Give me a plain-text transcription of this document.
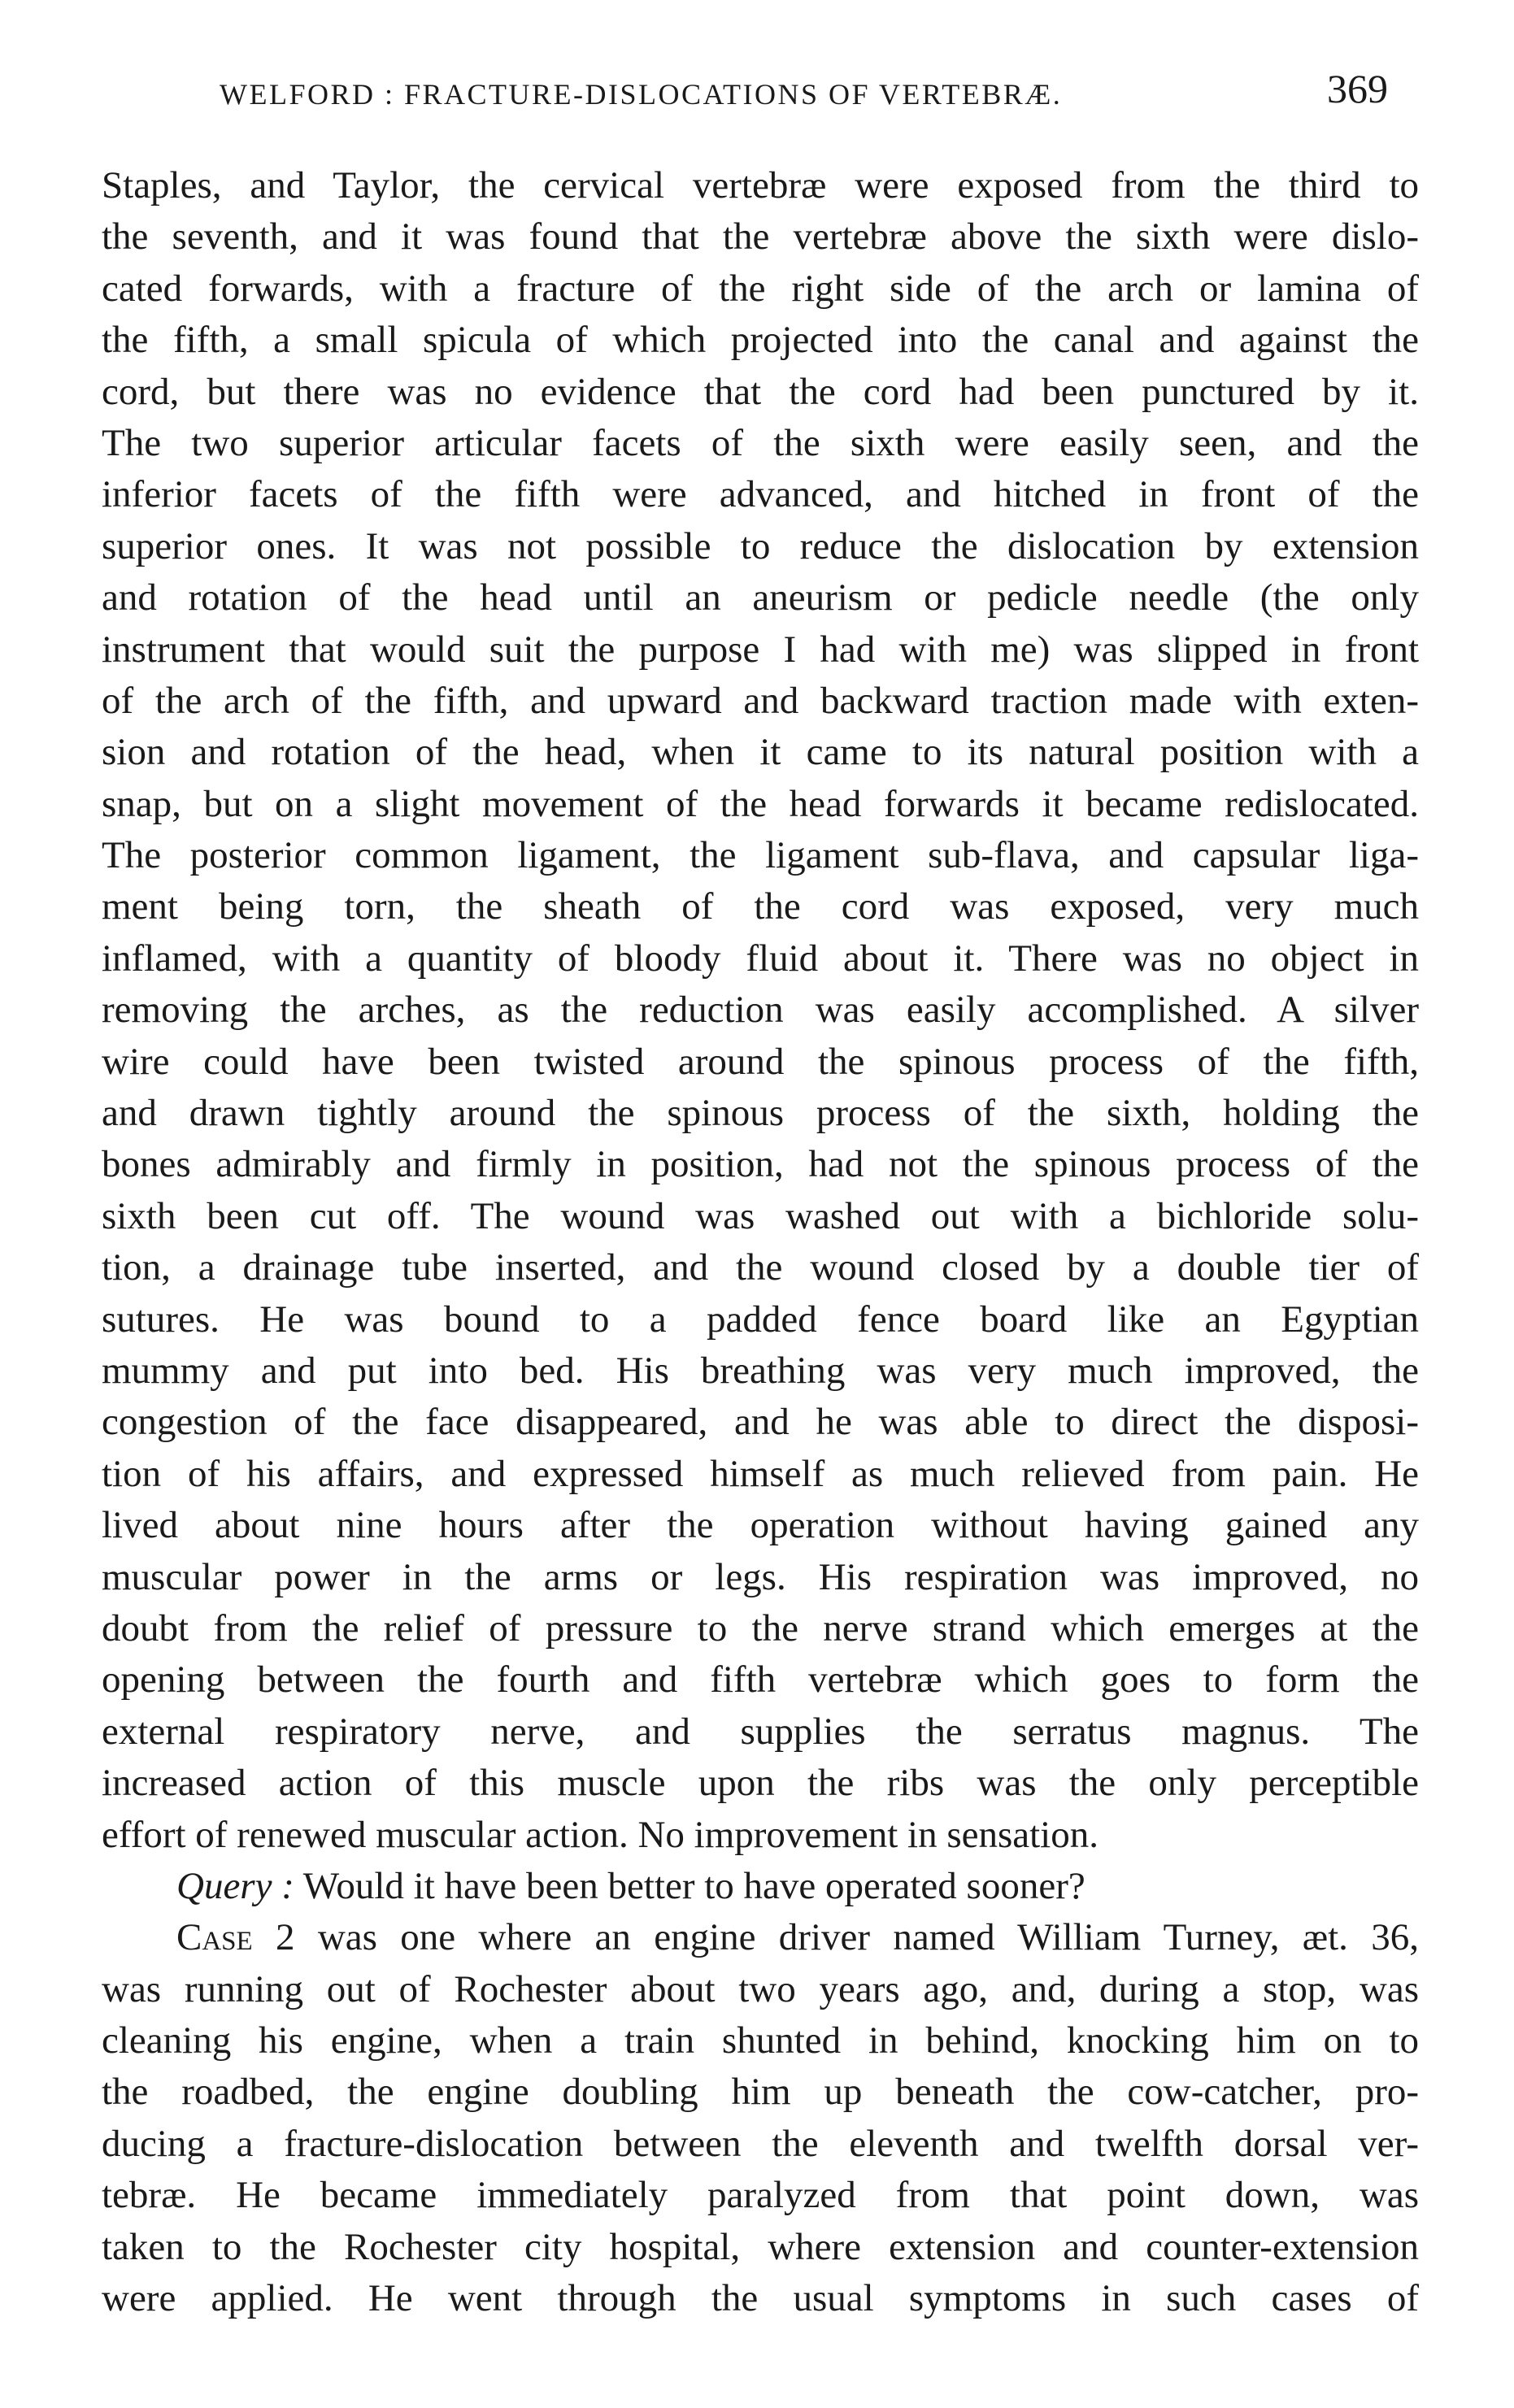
WELFORD : FRACTURE-DISLOCATIONS OF VERTEBRÆ.	369
Staples, and Taylor, the cervical vertebræ were exposed from the third to
the seventh, and it was found that the vertebræ above the sixth were dislo-
cated forwards, with a fracture of the right side of the arch or lamina of
the fifth, a small spicula of which projected into the canal and against the
cord, but there was no evidence that the cord had been punctured by it.
The two superior articular facets of the sixth were easily seen, and the
inferior facets of the fifth were advanced, and hitched in front of the
superior ones. It was not possible to reduce the dislocation by extension
and rotation of the head until an aneurism or pedicle needle (the only
instrument that would suit the purpose I had with me) was slipped in front
of the arch of the fifth, and upward and backward traction made with exten-
sion and rotation of the head, when it came to its natural position with a
snap, but on a slight movement of the head forwards it became redislocated.
The posterior common ligament, the ligament sub-flava, and capsular liga-
ment being torn, the sheath of the cord was exposed, very much
inflamed, with a quantity of bloody fluid about it. There was no object in
removing the arches, as the reduction was easily accomplished. A silver
wire could have been twisted around the spinous process of the fifth,
and drawn tightly around the spinous process of the sixth, holding the
bones admirably and firmly in position, had not the spinous process of the
sixth been cut off. The wound was washed out with a bichloride solu-
tion, a drainage tube inserted, and the wound closed by a double tier of
sutures. He was bound to a padded fence board like an Egyptian
mummy and put into bed. His breathing was very much improved, the
congestion of the face disappeared, and he was able to direct the disposi-
tion of his affairs, and expressed himself as much relieved from pain. He
lived about nine hours after the operation without having gained any
muscular power in the arms or legs. His respiration was improved, no
doubt from the relief of pressure to the nerve strand which emerges at the
opening between the fourth and fifth vertebræ which goes to form the
external respiratory nerve, and supplies the serratus magnus. The
increased action of this muscle upon the ribs was the only perceptible
effort of renewed muscular action. No improvement in sensation.
Query : Would it have been better to have operated sooner?
Case 2 was one where an engine driver named William Turney, æt. 36,
was running out of Rochester about two years ago, and, during a stop, was
cleaning his engine, when a train shunted in behind, knocking him on to
the roadbed, the engine doubling him up beneath the cow-catcher, pro-
ducing a fracture-dislocation between the eleventh and twelfth dorsal ver-
tebræ. He became immediately paralyzed from that point down, was
taken to the Rochester city hospital, where extension and counter-extension
were applied. He went through the usual symptoms in such cases of
